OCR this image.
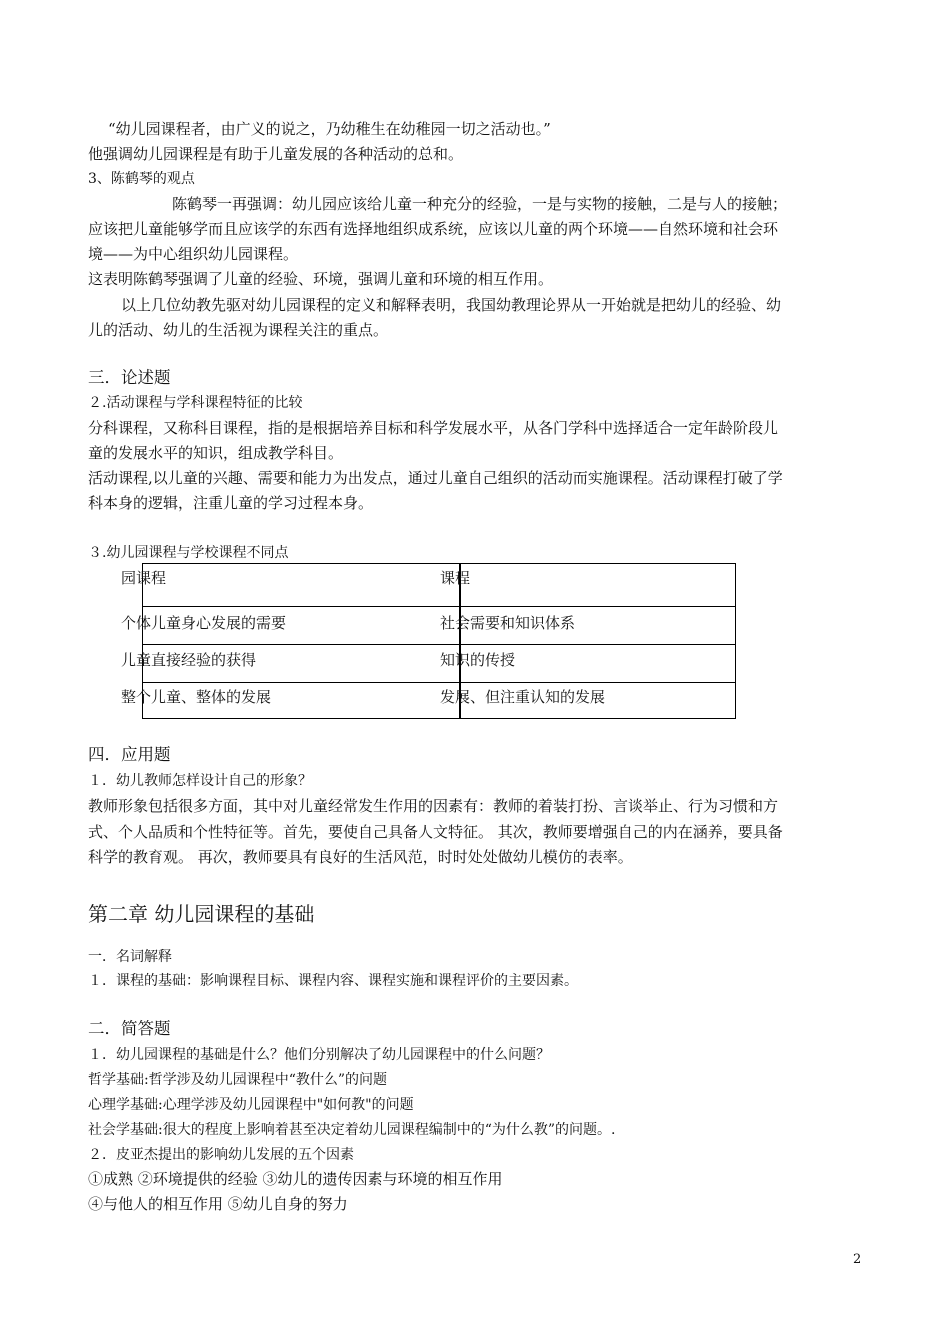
“幼儿园课程者，由广义的说之，乃幼稚生在幼稚园一切之活动也。”
他强调幼儿园课程是有助于儿童发展的各种活动的总和。
3、陈鹤琴的观点
陈鹤琴一再强调：幼儿园应该给儿童一种充分的经验，一是与实物的接触，二是与人的接触；
应该把儿童能够学而且应该学的东西有选择地组织成系统，应该以儿童的两个环境——自然环境和社会环
境——为中心组织幼儿园课程。
这表明陈鹤琴强调了儿童的经验、环境，强调儿童和环境的相互作用。
以上几位幼教先驱对幼儿园课程的定义和解释表明，我国幼教理论界从一开始就是把幼儿的经验、幼
儿的活动、幼儿的生活视为课程关注的重点。
三．论述题
２.活动课程与学科课程特征的比较
分科课程，又称科目课程，指的是根据培养目标和科学发展水平，从各门学科中选择适合一定年龄阶段儿
童的发展水平的知识，组成教学科目。
活动课程,以儿童的兴趣、需要和能力为出发点，通过儿童自己组织的活动而实施课程。活动课程打破了学
科本身的逻辑，注重儿童的学习过程本身。
３.幼儿园课程与学校课程不同点
园课程	课程
个体儿童身心发展的需要	社会需要和知识体系
儿童直接经验的获得	知识的传授
整个儿童、整体的发展	发展、但注重认知的发展
四．应用题
１．幼儿教师怎样设计自己的形象？
教师形象包括很多方面，其中对儿童经常发生作用的因素有：教师的着装打扮、言谈举止、行为习惯和方
式、个人品质和个性特征等。首先，要使自己具备人文特征。 其次，教师要增强自己的内在涵养，要具备
科学的教育观。 再次，教师要具有良好的生活风范，时时处处做幼儿模仿的表率。
第二章 幼儿园课程的基础
一．名词解释
１．课程的基础：影响课程目标、课程内容、课程实施和课程评价的主要因素。
二．简答题
１．幼儿园课程的基础是什么？他们分别解决了幼儿园课程中的什么问题？
哲学基础:哲学涉及幼儿园课程中“教什么”的问题
心理学基础:心理学涉及幼儿园课程中"如何教"的问题
社会学基础:很大的程度上影响着甚至决定着幼儿园课程编制中的“为什么教”的问题。.
２．皮亚杰提出的影响幼儿发展的五个因素
①成熟 ②环境提供的经验 ③幼儿的遗传因素与环境的相互作用
④与他人的相互作用 ⑤幼儿自身的努力
2
